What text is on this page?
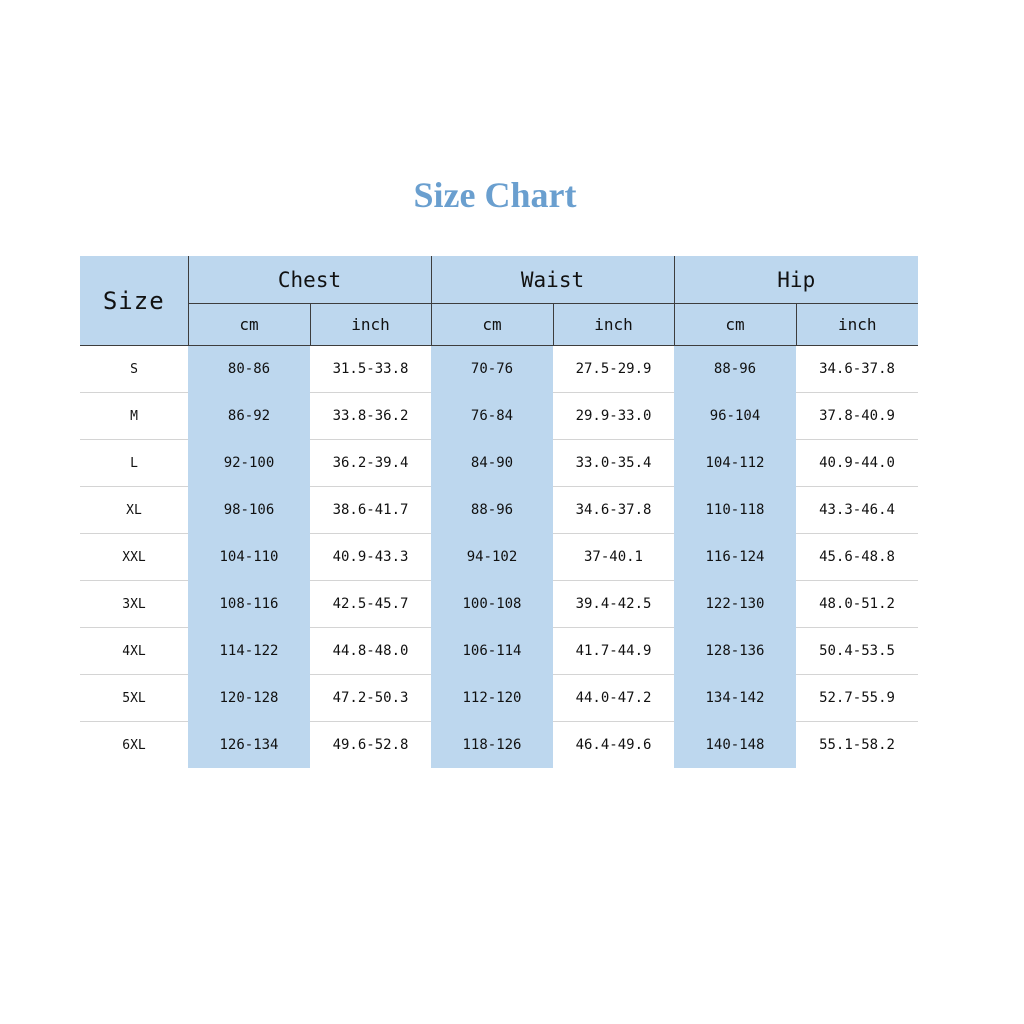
Size Chart
Size	Chest		Waist		Hip	
	cm	inch	cm	inch	cm	inch
S	80-86	31.5-33.8	70-76	27.5-29.9	88-96	34.6-37.8
M	86-92	33.8-36.2	76-84	29.9-33.0	96-104	37.8-40.9
L	92-100	36.2-39.4	84-90	33.0-35.4	104-112	40.9-44.0
XL	98-106	38.6-41.7	88-96	34.6-37.8	110-118	43.3-46.4
XXL	104-110	40.9-43.3	94-102	37-40.1	116-124	45.6-48.8
3XL	108-116	42.5-45.7	100-108	39.4-42.5	122-130	48.0-51.2
4XL	114-122	44.8-48.0	106-114	41.7-44.9	128-136	50.4-53.5
5XL	120-128	47.2-50.3	112-120	44.0-47.2	134-142	52.7-55.9
6XL	126-134	49.6-52.8	118-126	46.4-49.6	140-148	55.1-58.2
